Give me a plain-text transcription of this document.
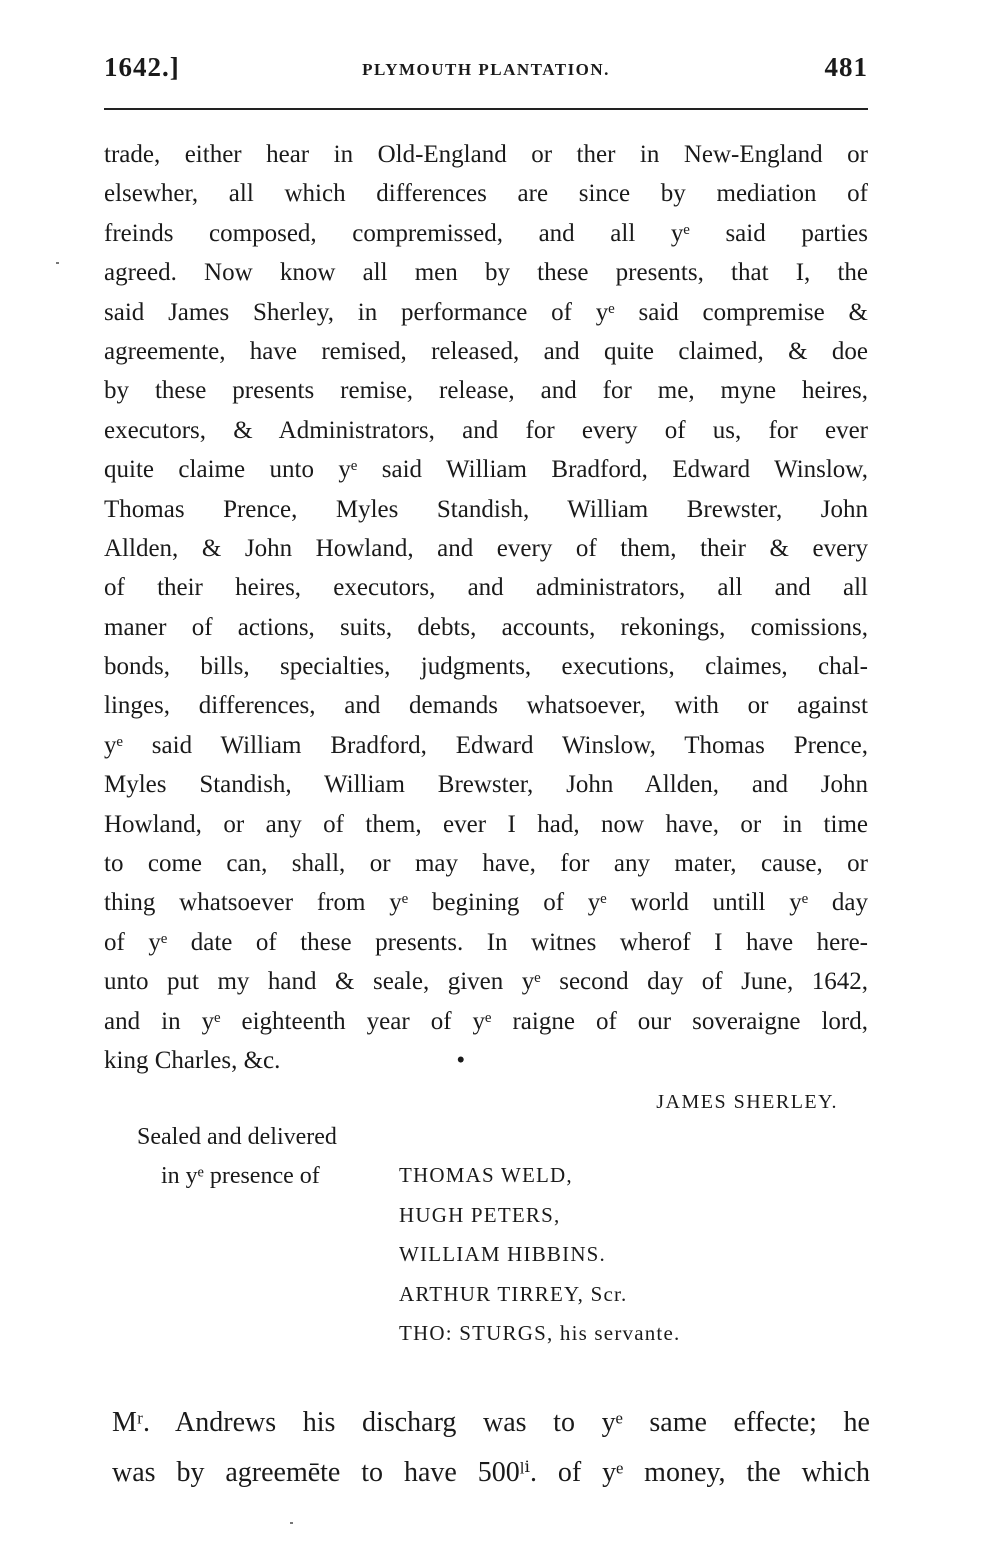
1642.]	PLYMOUTH PLANTATION.	481
trade, either hear in Old-England or ther in New-England or
elsewher, all which differences are since by mediation of
freinds composed, compremissed, and all yᵉ said parties
agreed. Now know all men by these presents, that I, the
said James Sherley, in performance of yᵉ said compremise &
agreemente, have remised, released, and quite claimed, & doe
by these presents remise, release, and for me, myne heires,
executors, & Administrators, and for every of us, for ever
quite claime unto yᵉ said William Bradford, Edward Winslow,
Thomas Prence, Myles Standish, William Brewster, John
Allden, & John Howland, and every of them, their & every
of their heires, executors, and administrators, all and all
maner of actions, suits, debts, accounts, rekonings, comissions,
bonds, bills, specialties, judgments, executions, claimes, chal-
linges, differences, and demands whatsoever, with or against
yᵉ said William Bradford, Edward Winslow, Thomas Prence,
Myles Standish, William Brewster, John Allden, and John
Howland, or any of them, ever I had, now have, or in time
to come can, shall, or may have, for any mater, cause, or
thing whatsoever from yᵉ begining of yᵉ world untill yᵉ day
of yᵉ date of these presents. In witnes wherof I have here-
unto put my hand & seale, given yᵉ second day of June, 1642,
and in yᵉ eighteenth year of yᵉ raigne of our soveraigne lord,
king Charles, &c.	•
JAMES SHERLEY.
Sealed and delivered
in yᵉ presence of	THOMAS WELD,
HUGH PETERS,
WILLIAM HIBBINS.
ARTHUR TIRREY, Scr.
THO: STURGS, his servante.
Mʳ. Andrews his discharg was to yᵉ same effecte; he
was by agreemēte to have 500ˡⁱ. of yᵉ money, the which
